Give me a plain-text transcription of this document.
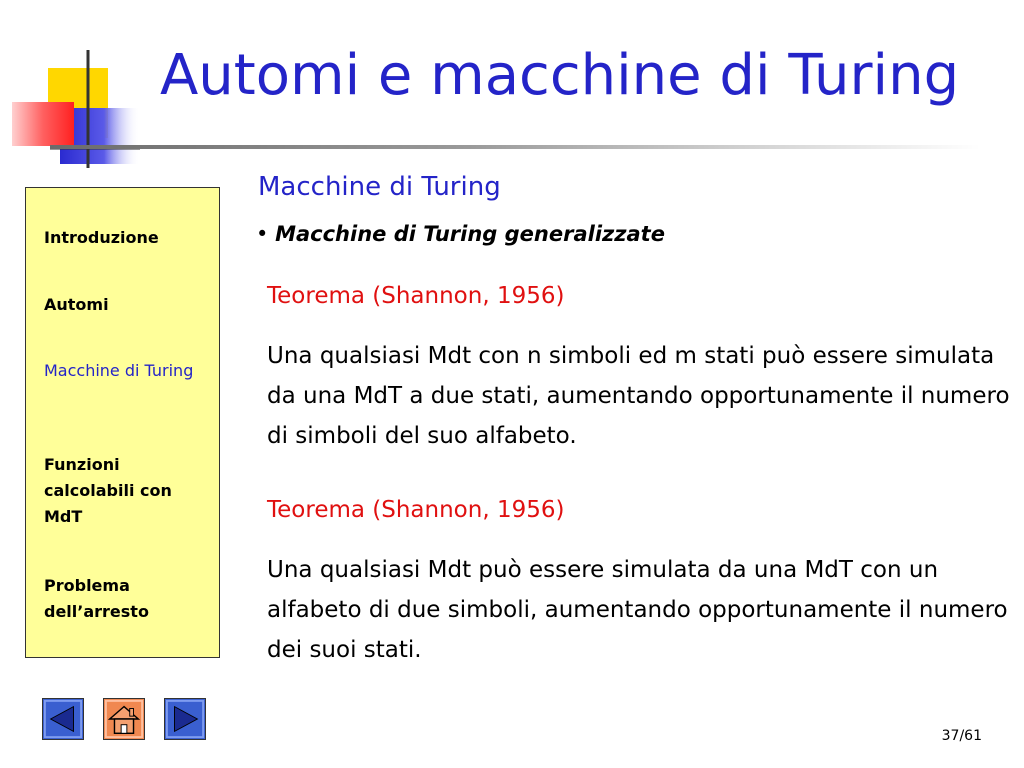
Automi e macchine di Turing
Introduzione
Automi
Macchine di Turing
Funzioni calcolabili con MdT
Problema dell’arresto
Macchine di Turing
• Macchine di Turing generalizzate
Teorema (Shannon, 1956)
Una qualsiasi Mdt con n simboli ed m stati può essere simulata da una MdT a due stati, aumentando opportunamente il numero di simboli del suo alfabeto.
Teorema (Shannon, 1956)
Una qualsiasi Mdt può essere simulata da una MdT con un alfabeto di due simboli, aumentando opportunamente il numero dei suoi stati.
37/61
